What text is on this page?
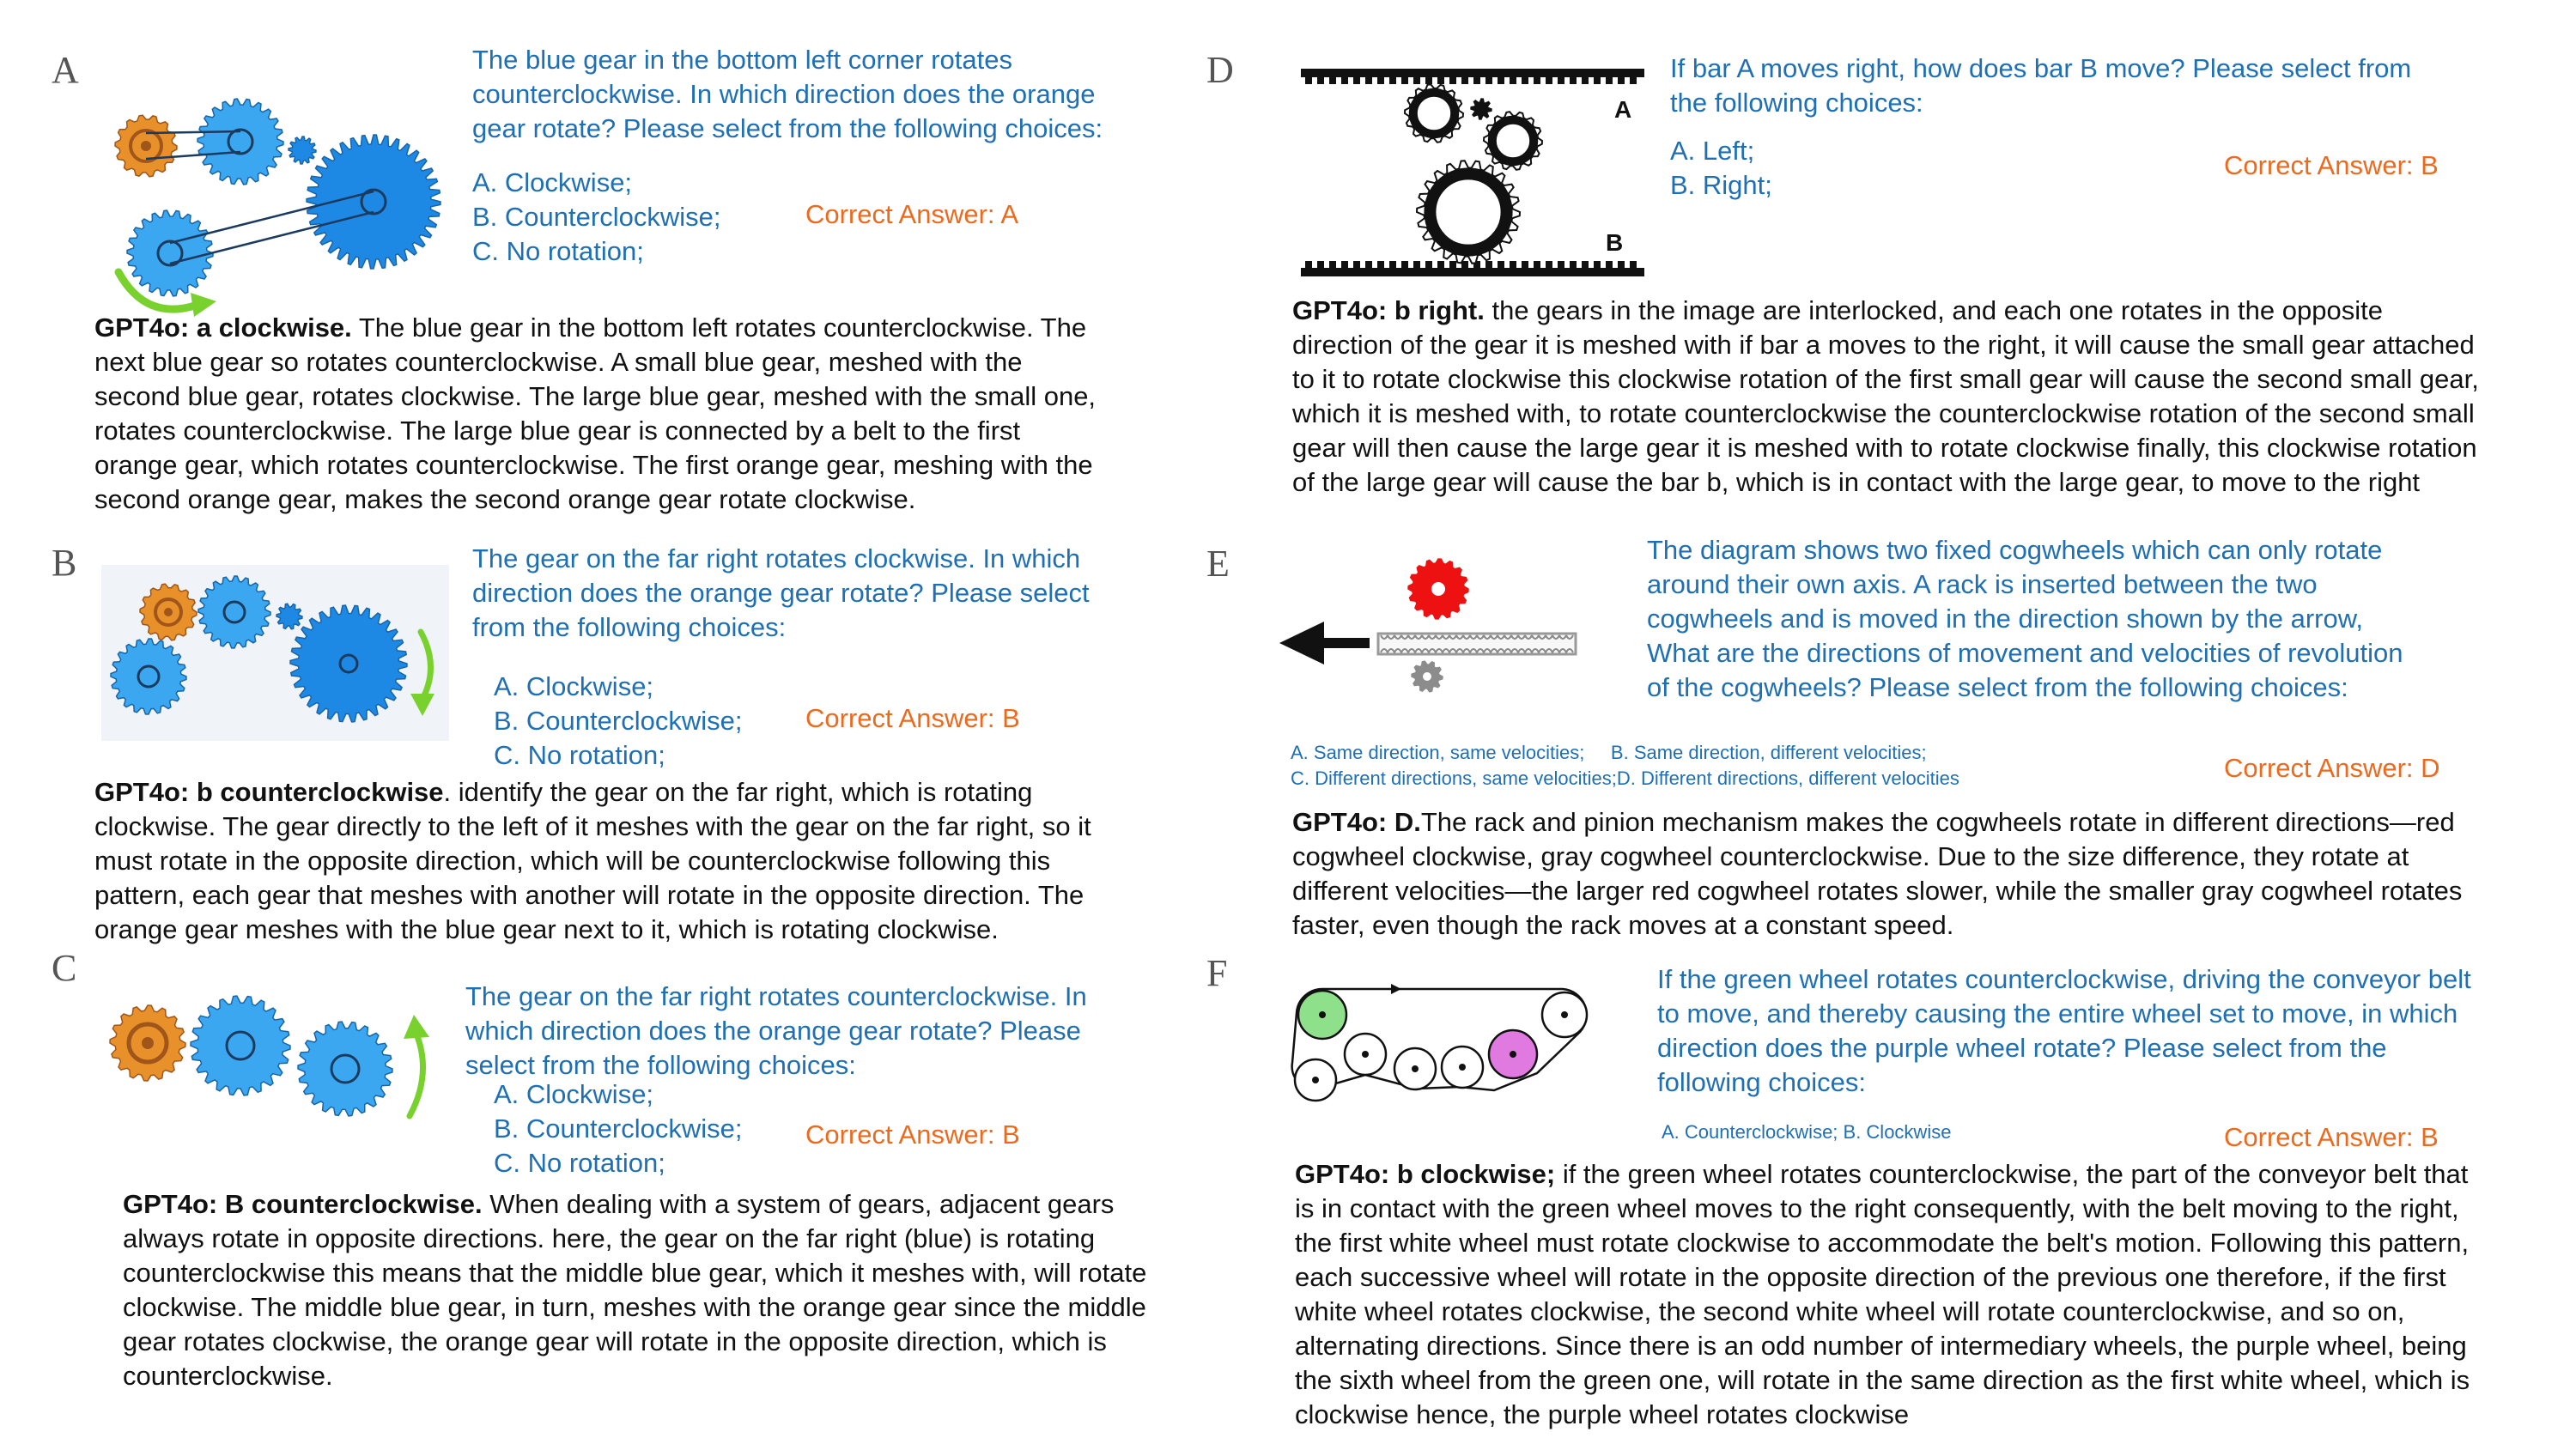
A	The blue gear in the bottom left corner rotates
counterclockwise. In which direction does the orange
gear rotate? Please select from the following choices:
A. Clockwise;
B. Counterclockwise;
C. No rotation;
Correct Answer: A
GPT4o: a clockwise. The blue gear in the bottom left rotates counterclockwise. The
next blue gear so rotates counterclockwise. A small blue gear, meshed with the
second blue gear, rotates clockwise. The large blue gear, meshed with the small one,
rotates counterclockwise. The large blue gear is connected by a belt to the first
orange gear, which rotates counterclockwise. The first orange gear, meshing with the
second orange gear, makes the second orange gear rotate clockwise.
B	The gear on the far right rotates clockwise. In which
direction does the orange gear rotate? Please select
from the following choices:
A. Clockwise;
B. Counterclockwise;
C. No rotation;
Correct Answer: B
GPT4o: b counterclockwise. identify the gear on the far right, which is rotating
clockwise. The gear directly to the left of it meshes with the gear on the far right, so it
must rotate in the opposite direction, which will be counterclockwise following this
pattern, each gear that meshes with another will rotate in the opposite direction. The
orange gear meshes with the blue gear next to it, which is rotating clockwise.
C
The gear on the far right rotates counterclockwise. In
which direction does the orange gear rotate? Please
select from the following choices:
A. Clockwise;
B. Counterclockwise;
C. No rotation;
Correct Answer: B
GPT4o: B counterclockwise. When dealing with a system of gears, adjacent gears
always rotate in opposite directions. here, the gear on the far right (blue) is rotating
counterclockwise this means that the middle blue gear, which it meshes with, will rotate
clockwise. The middle blue gear, in turn, meshes with the orange gear since the middle
gear rotates clockwise, the orange gear will rotate in the opposite direction, which is
counterclockwise.
D
A
B
If bar A moves right, how does bar B move? Please select from
the following choices:
A. Left;
B. Right;
Correct Answer: B
GPT4o: b right. the gears in the image are interlocked, and each one rotates in the opposite
direction of the gear it is meshed with if bar a moves to the right, it will cause the small gear attached
to it to rotate clockwise this clockwise rotation of the first small gear will cause the second small gear,
which it is meshed with, to rotate counterclockwise the counterclockwise rotation of the second small
gear will then cause the large gear it is meshed with to rotate clockwise finally, this clockwise rotation
of the large gear will cause the bar b, which is in contact with the large gear, to move to the right
E	The diagram shows two fixed cogwheels which can only rotate
around their own axis. A rack is inserted between the two
cogwheels and is moved in the direction shown by the arrow,
What are the directions of movement and velocities of revolution
of the cogwheels? Please select from the following choices:
A. Same direction, same velocities;     B. Same direction, different velocities;
C. Different directions, same velocities;D. Different directions, different velocities	Correct Answer: D
GPT4o: D.The rack and pinion mechanism makes the cogwheels rotate in different directions—red
cogwheel clockwise, gray cogwheel counterclockwise. Due to the size difference, they rotate at
different velocities—the larger red cogwheel rotates slower, while the smaller gray cogwheel rotates
faster, even though the rack moves at a constant speed.
F	If the green wheel rotates counterclockwise, driving the conveyor belt
to move, and thereby causing the entire wheel set to move, in which
direction does the purple wheel rotate? Please select from the
following choices:
A. Counterclockwise; B. Clockwise	Correct Answer: B
GPT4o: b clockwise; if the green wheel rotates counterclockwise, the part of the conveyor belt that
is in contact with the green wheel moves to the right consequently, with the belt moving to the right,
the first white wheel must rotate clockwise to accommodate the belt's motion. Following this pattern,
each successive wheel will rotate in the opposite direction of the previous one therefore, if the first
white wheel rotates clockwise, the second white wheel will rotate counterclockwise, and so on,
alternating directions. Since there is an odd number of intermediary wheels, the purple wheel, being
the sixth wheel from the green one, will rotate in the same direction as the first white wheel, which is
clockwise hence, the purple wheel rotates clockwise
